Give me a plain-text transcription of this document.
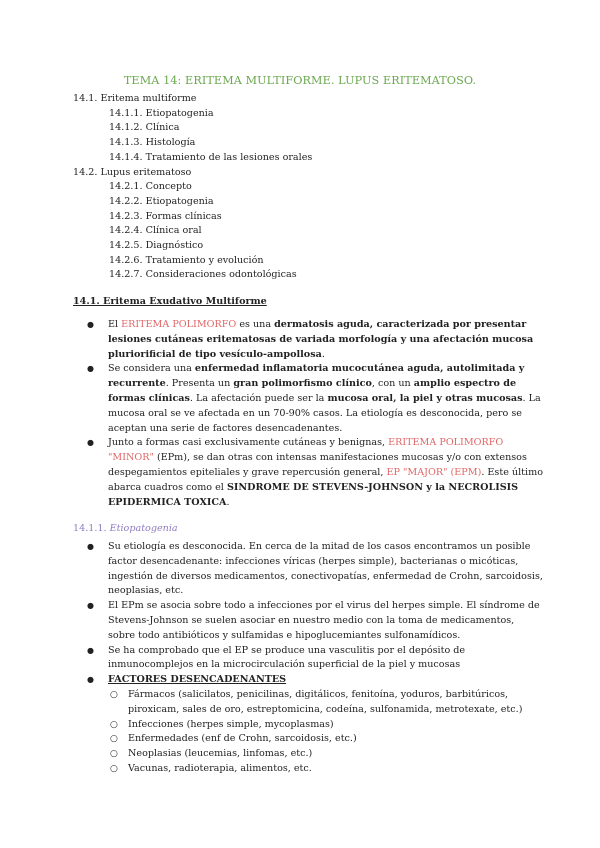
TEMA 14: ERITEMA MULTIFORME. LUPUS ERITEMATOSO.
14.1. Eritema multiforme
14.1.1. Etiopatogenia
14.1.2. Clínica
14.1.3. Histología
14.1.4. Tratamiento de las lesiones orales
14.2. Lupus eritematoso
14.2.1. Concepto
14.2.2. Etiopatogenia
14.2.3. Formas clínicas
14.2.4. Clínica oral
14.2.5. Diagnóstico
14.2.6. Tratamiento y evolución
14.2.7. Consideraciones odontológicas
14.1. Eritema Exudativo Multiforme
● El ERITEMA POLIMORFO es una dermatosis aguda, caracterizada por presentar lesiones cutáneas eritematosas de variada morfología y una afectación mucosa pluriorificial de tipo vesículo-ampollosa.
● Se considera una enfermedad inflamatoria mucocutánea aguda, autolimitada y recurrente. Presenta un gran polimorfismo clínico, con un amplio espectro de formas clínicas. La afectación puede ser la mucosa oral, la piel y otras mucosas. La mucosa oral se ve afectada en un 70-90% casos. La etiología es desconocida, pero se aceptan una serie de factores desencadenantes.
● Junto a formas casi exclusivamente cutáneas y benignas, ERITEMA POLIMORFO "MINOR" (EPm), se dan otras con intensas manifestaciones mucosas y/o con extensos despegamientos epiteliales y grave repercusión general, EP "MAJOR" (EPM). Este último abarca cuadros como el SINDROME DE STEVENS-JOHNSON y la NECROLISIS EPIDERMICA TOXICA.
14.1.1. Etiopatogenia
● Su etiología es desconocida. En cerca de la mitad de los casos encontramos un posible factor desencadenante: infecciones víricas (herpes simple), bacterianas o micóticas, ingestión de diversos medicamentos, conectivopatías, enfermedad de Crohn, sarcoidosis, neoplasias, etc.
● El EPm se asocia sobre todo a infecciones por el virus del herpes simple. El síndrome de Stevens-Johnson se suelen asociar en nuestro medio con la toma de medicamentos, sobre todo antibióticos y sulfamidas e hipoglucemiantes sulfonamídicos.
● Se ha comprobado que el EP se produce una vasculitis por el depósito de inmunocomplejos en la microcirculación superficial de la piel y mucosas
● FACTORES DESENCADENANTES
○ Fármacos (salicilatos, penicilinas, digitálicos, fenitoína, yoduros, barbitúricos, piroxicam, sales de oro, estreptomicina, codeína, sulfonamida, metrotexate, etc.)
○ Infecciones (herpes simple, mycoplasmas)
○ Enfermedades (enf de Crohn, sarcoidosis, etc.)
○ Neoplasias (leucemias, linfomas, etc.)
○ Vacunas, radioterapia, alimentos, etc.
